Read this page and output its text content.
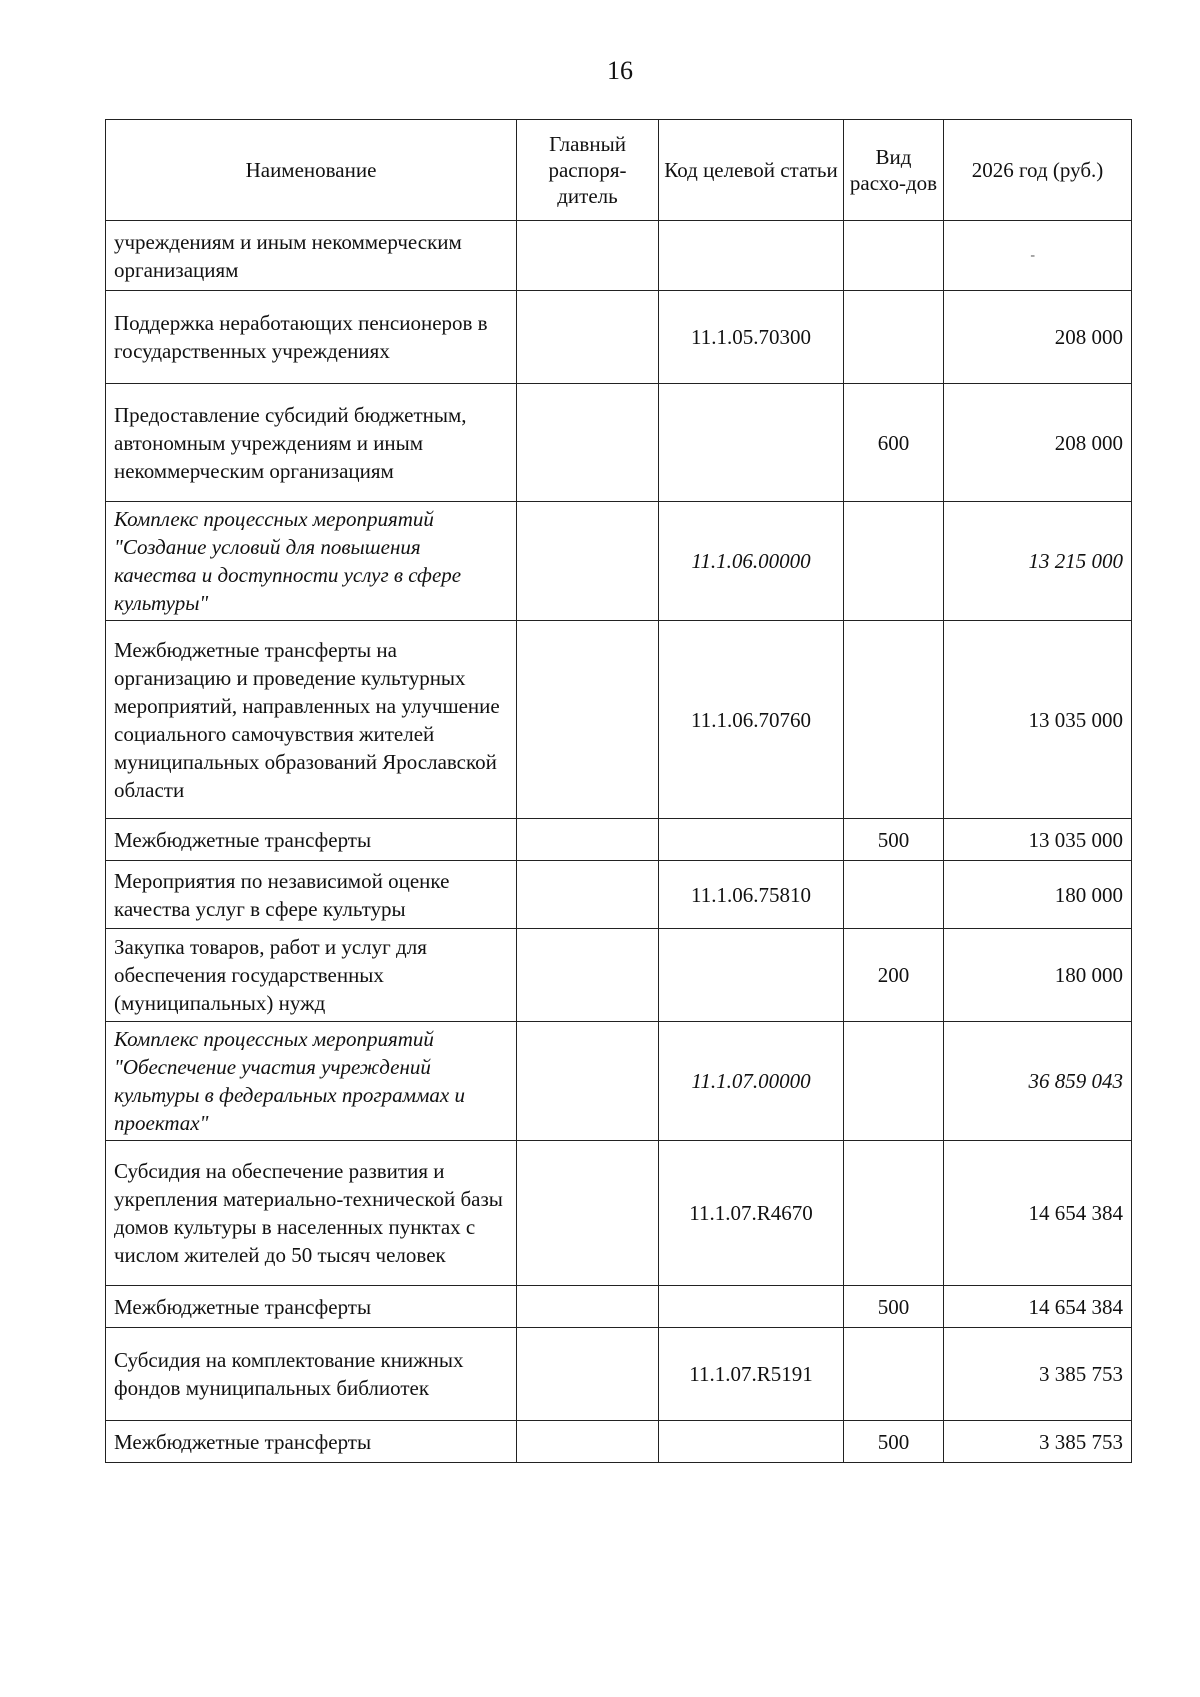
16
Наименование	Главный распоря-дитель	Код целевой статьи	Вид расхо-дов	2026 год (руб.)
учреждениям и иным некоммерческим организациям				-
Поддержка неработающих пенсионеров в государственных учреждениях		11.1.05.70300		208 000
Предоставление субсидий бюджетным, автономным учреждениям и иным некоммерческим организациям			600	208 000
Комплекс процессных мероприятий "Создание условий для повышения качества и доступности услуг в сфере культуры"		11.1.06.00000		13 215 000
Межбюджетные трансферты на организацию и проведение культурных мероприятий, направленных на улучшение социального самочувствия жителей муниципальных образований Ярославской области		11.1.06.70760		13 035 000
Межбюджетные трансферты			500	13 035 000
Мероприятия по независимой оценке качества услуг в сфере культуры		11.1.06.75810		180 000
Закупка товаров, работ и услуг для обеспечения государственных (муниципальных) нужд			200	180 000
Комплекс процессных мероприятий "Обеспечение участия учреждений культуры в федеральных программах и проектах"		11.1.07.00000		36 859 043
Субсидия на обеспечение развития и укрепления материально-технической базы домов культуры в населенных пунктах с числом жителей до 50 тысяч человек		11.1.07.R4670		14 654 384
Межбюджетные трансферты			500	14 654 384
Субсидия на комплектование книжных фондов муниципальных библиотек		11.1.07.R5191		3 385 753
Межбюджетные трансферты			500	3 385 753
